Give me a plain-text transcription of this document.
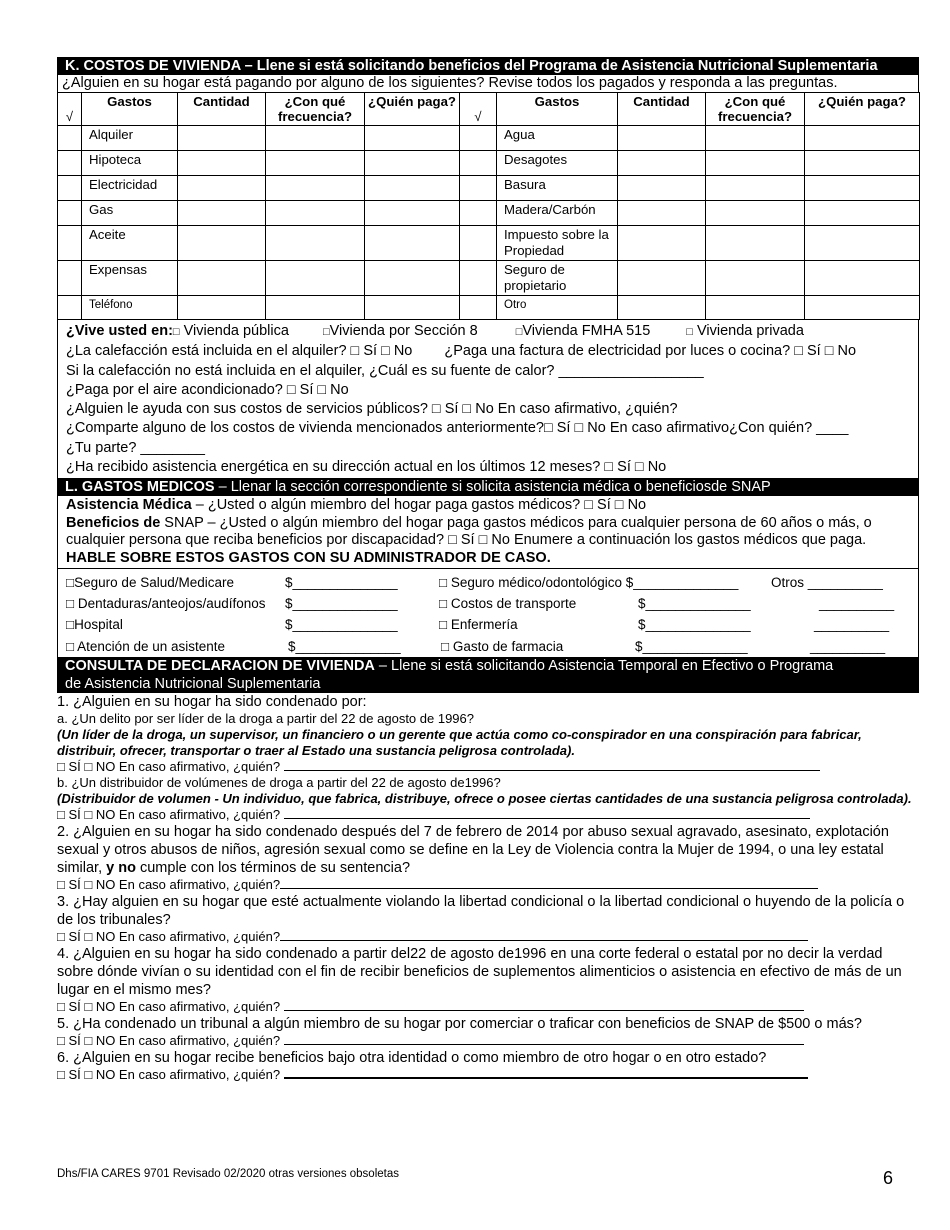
K. COSTOS DE VIVIENDA – Llene si está solicitando beneficios del Programa de Asistencia Nutricional Suplementaria
¿Alguien en su hogar está pagando por alguno de los siguientes? Revise todos los pagados y responda a las preguntas.
√	Gastos	Cantidad	¿Con qué frecuencia?	¿Quién paga?	√	Gastos	Cantidad	¿Con qué frecuencia?	¿Quién paga?
	Alquiler					Agua			
	Hipoteca					Desagotes			
	Electricidad					Basura			
	Gas					Madera/Carbón			
	Aceite					Impuesto sobre la Propiedad			
	Expensas					Seguro de propietario			
	Teléfono					Otro			
¿Vive usted en:□ Vivienda pública	□Vivienda por Sección 8	□Vivienda FMHA 515	□ Vivienda privada
¿La calefacción está incluida en el alquiler? □ Sí □ No ¿Paga una factura de electricidad por luces o cocina? □ Sí □ No
Si la calefacción no está incluida en el alquiler, ¿Cuál es su fuente de calor? __________________
¿Paga por el aire acondicionado? □ Sí □ No
¿Alguien le ayuda con sus costos de servicios públicos? □ Sí □ No En caso afirmativo, ¿quién?
¿Comparte alguno de los costos de vivienda mencionados anteriormente?□ Sí □ No En caso afirmativo¿Con quién? ____
¿Tu parte? ________
¿Ha recibido asistencia energética en su dirección actual en los últimos 12 meses? □ Sí □ No
L. GASTOS MEDICOS – Llenar la sección correspondiente si solicita asistencia médica o beneficiosde SNAP
Asistencia Médica – ¿Usted o algún miembro del hogar paga gastos médicos? □ Sí □ No
Beneficios de SNAP – ¿Usted o algún miembro del hogar paga gastos médicos para cualquier persona de 60 años o más, o cualquier persona que reciba beneficios por discapacidad? □ Sí □ No Enumere a continuación los gastos médicos que paga.
HABLE SOBRE ESTOS GASTOS CON SU ADMINISTRADOR DE CASO.
□Seguro de Salud/Medicare	$______________	□ Seguro médico/odontológico $______________ Otros __________
□ Dentaduras/anteojos/audífonos $______________	□ Costos de transporte	$______________	__________
□Hospital	$______________	□ Enfermería	$______________	__________
□ Atención de un asistente	$______________	□ Gasto de farmacia	$______________	__________
CONSULTA DE DECLARACION DE VIVIENDA – Llene si está solicitando Asistencia Temporal en Efectivo o Programa
de Asistencia Nutricional Suplementaria
1. ¿Alguien en su hogar ha sido condenado por:
a. ¿Un delito por ser líder de la droga a partir del 22 de agosto de 1996?
(Un líder de la droga, un supervisor, un financiero o un gerente que actúa como co-conspirador en una conspiración para fabricar, distribuir, ofrecer, transportar o traer al Estado una sustancia peligrosa controlada).
□ SÍ □ NO En caso afirmativo, ¿quién?
b. ¿Un distribuidor de volúmenes de droga a partir del 22 de agosto de1996?
(Distribuidor de volumen - Un individuo, que fabrica, distribuye, ofrece o posee ciertas cantidades de una sustancia peligrosa controlada).
□ SÍ □ NO En caso afirmativo, ¿quién?
2. ¿Alguien en su hogar ha sido condenado después del 7 de febrero de 2014 por abuso sexual agravado, asesinato, explotación sexual y otros abusos de niños, agresión sexual como se define en la Ley de Violencia contra la Mujer de 1994, o una ley estatal similar, y no cumple con los términos de su sentencia?
□ SÍ □ NO En caso afirmativo, ¿quién?
3. ¿Hay alguien en su hogar que esté actualmente violando la libertad condicional o la libertad condicional o huyendo de la policía o de los tribunales?
□ SÍ □ NO En caso afirmativo, ¿quién?
4. ¿Alguien en su hogar ha sido condenado a partir del22 de agosto de1996 en una corte federal o estatal por no decir la verdad sobre dónde vivían o su identidad con el fin de recibir beneficios de suplementos alimenticios o asistencia en efectivo de más de un lugar en el mismo mes?
□ SÍ □ NO En caso afirmativo, ¿quién?
5. ¿Ha condenado un tribunal a algún miembro de su hogar por comerciar o traficar con beneficios de SNAP de $500 o más?
□ SÍ □ NO En caso afirmativo, ¿quién?
6. ¿Alguien en su hogar recibe beneficios bajo otra identidad o como miembro de otro hogar o en otro estado?
□ SÍ □ NO En caso afirmativo, ¿quién?
Dhs/FIA CARES 9701 Revisado 02/2020 otras versiones obsoletas	6
